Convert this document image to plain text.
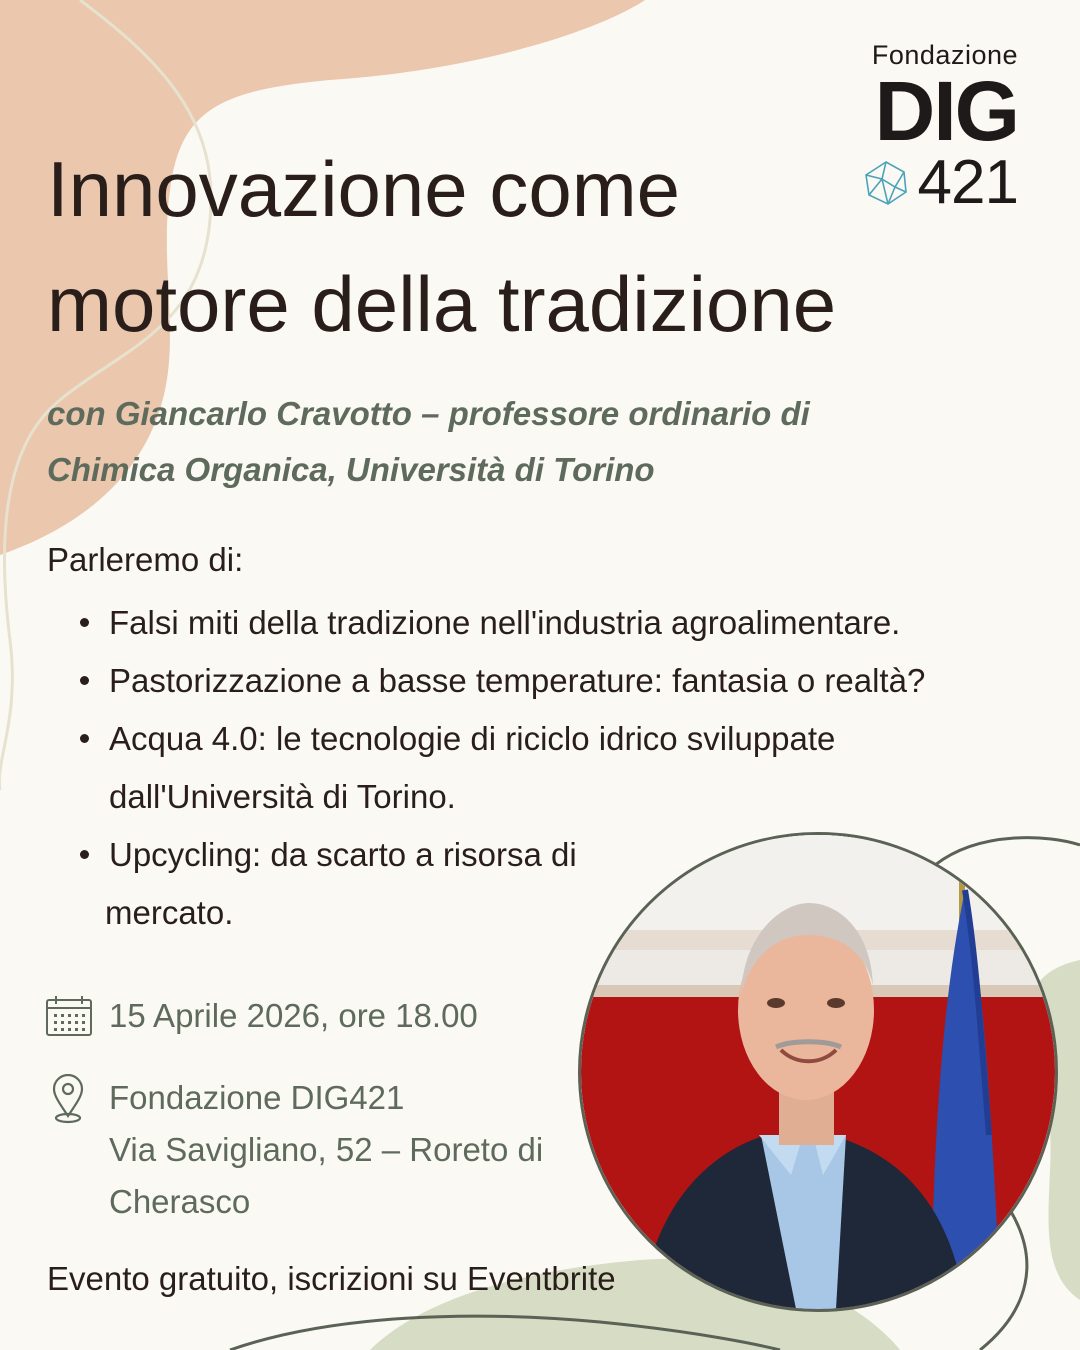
Fondazione
DIG
421
Innovazione come
motore della tradizione
con Giancarlo Cravotto – professore ordinario di
Chimica Organica, Università di Torino
Parleremo di:
Falsi miti della tradizione nell'industria agroalimentare.
Pastorizzazione a basse temperature: fantasia o realtà?
Acqua 4.0: le tecnologie di riciclo idrico sviluppate
dall'Università di Torino.
Upcycling: da scarto a risorsa di
mercato.
15 Aprile 2026, ore 18.00
Fondazione DIG421
Via Savigliano, 52 – Roreto di
Cherasco
Evento gratuito, iscrizioni su Eventbrite
